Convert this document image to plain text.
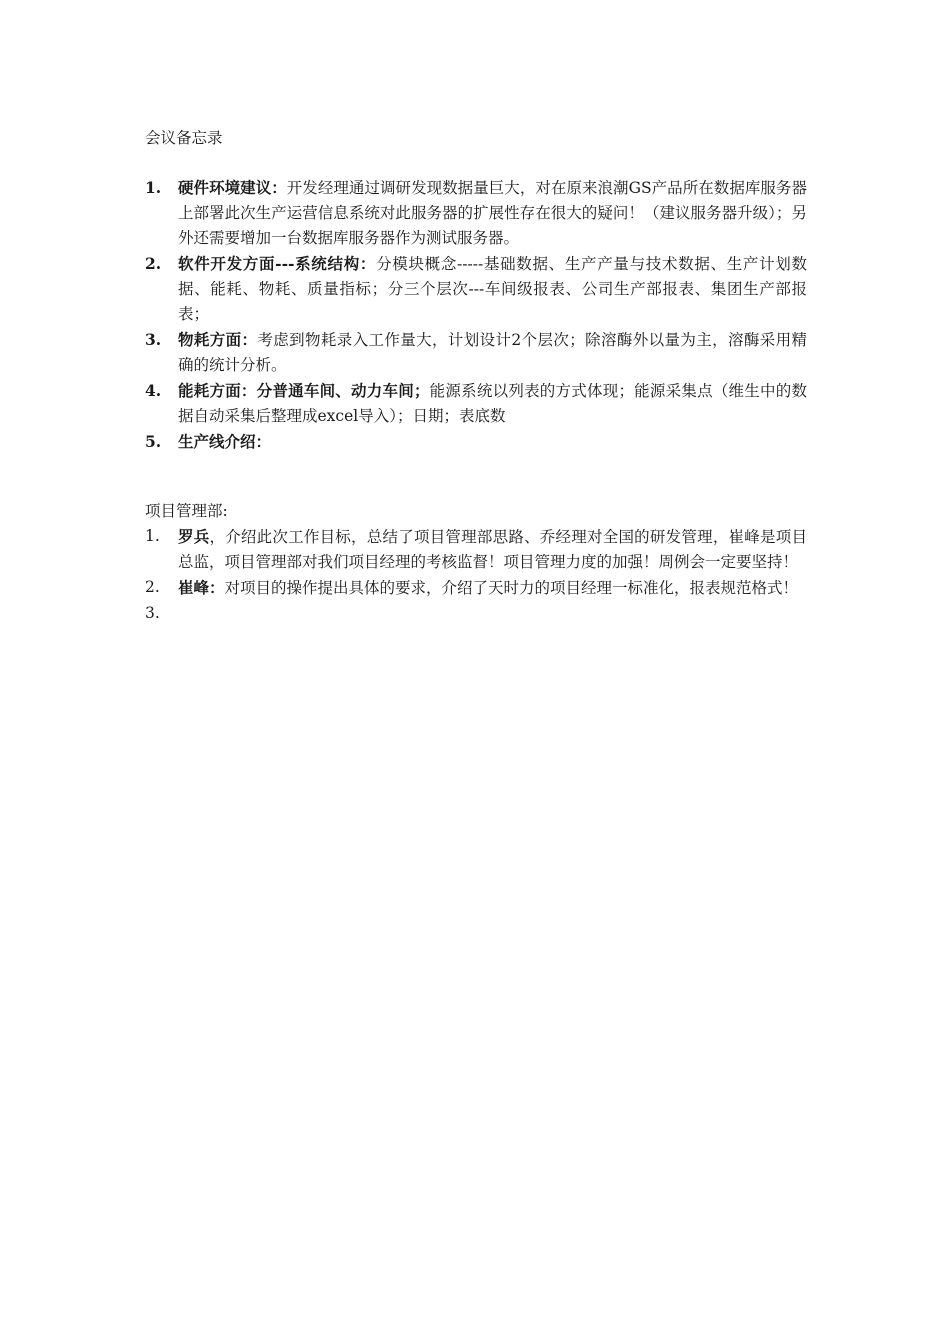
会议备忘录
1.	硬件环境建议：开发经理通过调研发现数据量巨大，对在原来浪潮GS产品所在数据库服务器上部署此次生产运营信息系统对此服务器的扩展性存在很大的疑问！（建议服务器升级）；另外还需要增加一台数据库服务器作为测试服务器。
2.	软件开发方面---系统结构：分模块概念-----基础数据、生产产量与技术数据、生产计划数据、能耗、物耗、质量指标；分三个层次---车间级报表、公司生产部报表、集团生产部报表；
3.	物耗方面：考虑到物耗录入工作量大，计划设计2个层次；除溶酶外以量为主，溶酶采用精确的统计分析。
4.	能耗方面：分普通车间、动力车间；能源系统以列表的方式体现；能源采集点（维生中的数据自动采集后整理成excel导入）；日期；表底数
5.	生产线介绍：
项目管理部:
1.	罗兵，介绍此次工作目标，总结了项目管理部思路、乔经理对全国的研发管理，崔峰是项目总监，项目管理部对我们项目经理的考核监督！项目管理力度的加强！周例会一定要坚持！
2.	崔峰：对项目的操作提出具体的要求，介绍了天时力的项目经理一标准化，报表规范格式！
3.
